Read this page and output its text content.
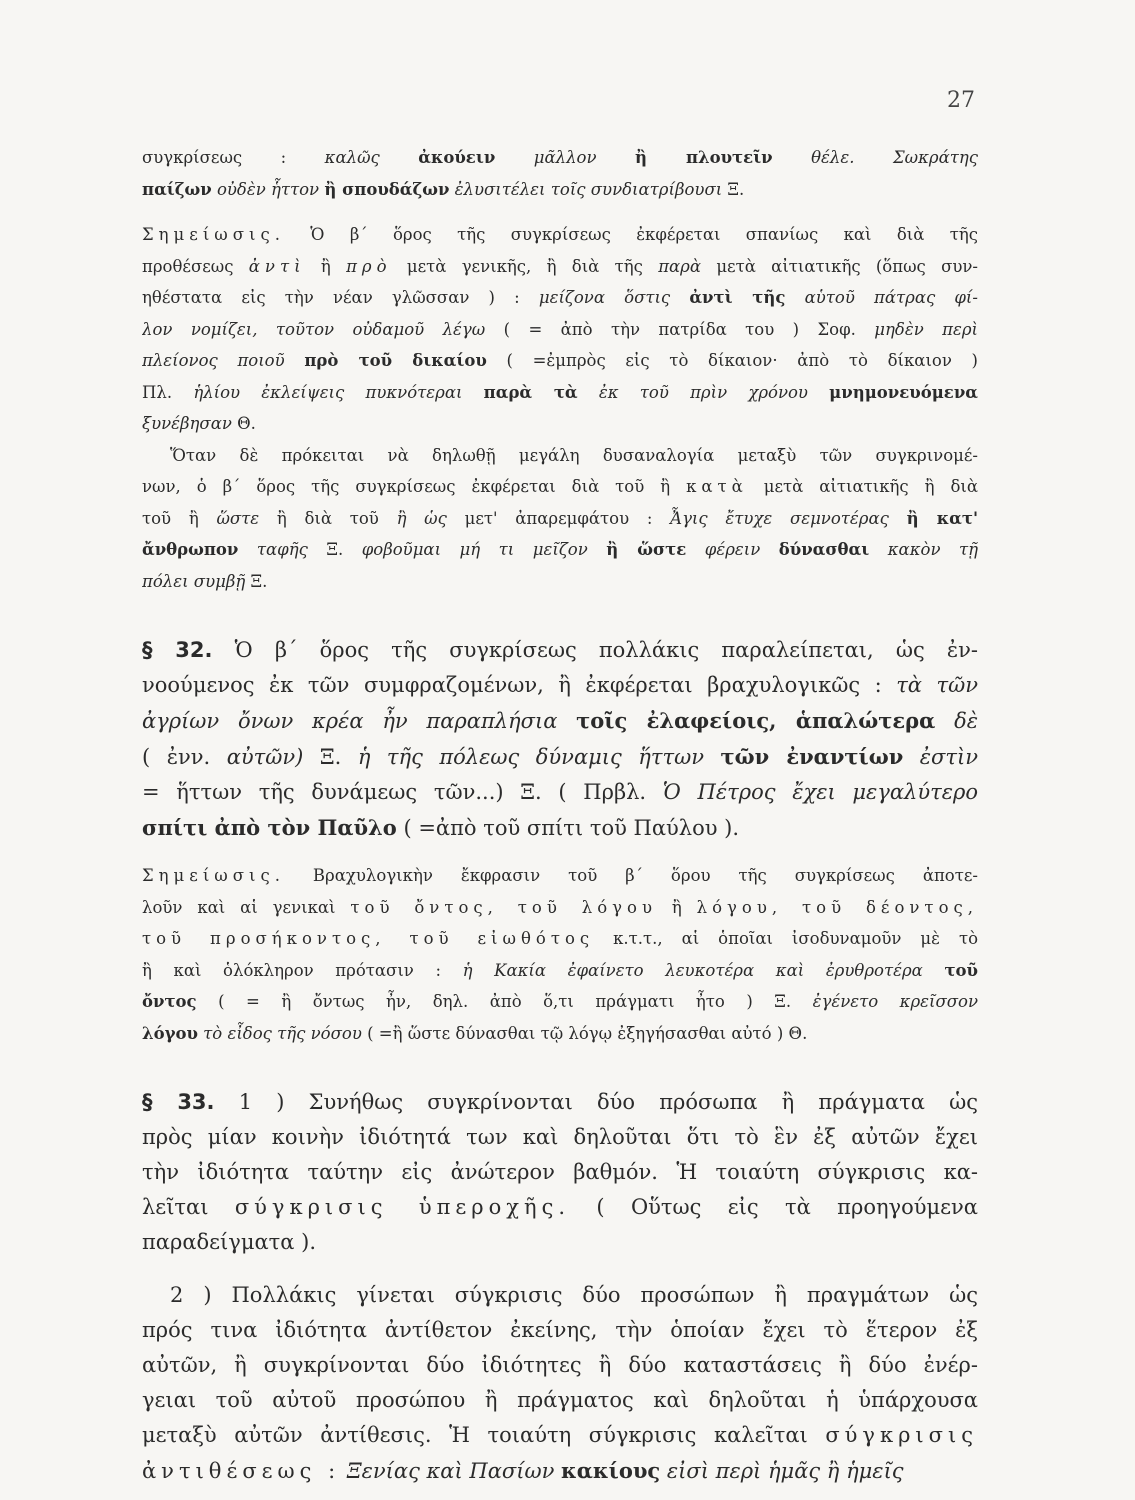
27
συγκρίσεως : καλῶς ἀκούειν μᾶλλον ἢ πλουτεῖν θέλε. Σωκράτης
παίζων οὐδὲν ἧττον ἢ σπουδάζων ἐλυσιτέλει τοῖς συνδιατρίβουσι Ξ.
Σημείωσις. Ὁ β΄ ὅρος τῆς συγκρίσεως ἐκφέρεται σπανίως καὶ διὰ τῆς
προθέσεως ἀντὶ ἢ πρὸ μετὰ γενικῆς, ἢ διὰ τῆς παρὰ μετὰ αἰτιατικῆς (ὅπως συν-
ηθέστατα εἰς τὴν νέαν γλῶσσαν ) : μείζονα ὅστις ἀντὶ τῆς αὑτοῦ πάτρας φί-
λον νομίζει, τοῦτον οὐδαμοῦ λέγω ( = ἀπὸ τὴν πατρίδα του ) Σοφ. μηδὲν περὶ
πλείονος ποιοῦ πρὸ τοῦ δικαίου ( =ἐμπρὸς εἰς τὸ δίκαιον· ἀπὸ τὸ δίκαιον )
Πλ. ἡλίου ἐκλείψεις πυκνότεραι παρὰ τὰ ἐκ τοῦ πρὶν χρόνου μνημονευόμενα
ξυνέβησαν Θ.
Ὅταν δὲ πρόκειται νὰ δηλωθῇ μεγάλη δυσαναλογία μεταξὺ τῶν συγκρινομέ-
νων, ὁ β΄ ὅρος τῆς συγκρίσεως ἐκφέρεται διὰ τοῦ ἢ κατὰ μετὰ αἰτιατικῆς ἢ διὰ
τοῦ ἢ ὥστε ἢ διὰ τοῦ ἢ ὡς μετ' ἀπαρεμφάτου : Ἆγις ἔτυχε σεμνοτέρας ἢ κατ'
ἄνθρωπον ταφῆς Ξ. φοβοῦμαι μή τι μεῖζον ἢ ὥστε φέρειν δύνασθαι κακὸν τῇ
πόλει συμβῇ Ξ.
§ 32. Ὁ β΄ ὅρος τῆς συγκρίσεως πολλάκις παραλείπεται, ὡς ἐν-
νοούμενος ἐκ τῶν συμφραζομένων, ἢ ἐκφέρεται βραχυλογικῶς : τὰ τῶν
ἀγρίων ὄνων κρέα ἦν παραπλήσια τοῖς ἐλαφείοις, ἁπαλώτερα δὲ
( ἐνν. αὐτῶν) Ξ. ἡ τῆς πόλεως δύναμις ἥττων τῶν ἐναντίων ἐστὶν
= ἥττων τῆς δυνάμεως τῶν...) Ξ. ( Πρβλ. Ὁ Πέτρος ἔχει μεγαλύτερο
σπίτι ἀπὸ τὸν Παῦλο ( =ἀπὸ τοῦ σπίτι τοῦ Παύλου ).
Σημείωσις. Βραχυλογικὴν ἔκφρασιν τοῦ β΄ ὅρου τῆς συγκρίσεως ἀποτε-
λοῦν καὶ αἱ γενικαὶ τοῦ ὄντος, τοῦ λόγου ἢ λόγου, τοῦ δέοντος,
τοῦ προσήκοντος, τοῦ εἰωθότος κ.τ.τ., αἱ ὁποῖαι ἰσοδυναμοῦν μὲ τὸ
ἢ καὶ ὁλόκληρον πρότασιν : ἡ Κακία ἐφαίνετο λευκοτέρα καὶ ἐρυθροτέρα τοῦ
ὄντος ( = ἢ ὄντως ἦν, δηλ. ἀπὸ ὅ,τι πράγματι ἦτο ) Ξ. ἐγένετο κρεῖσσον
λόγου τὸ εἶδος τῆς νόσου ( =ἢ ὥστε δύνασθαι τῷ λόγῳ ἐξηγήσασθαι αὐτό ) Θ.
§ 33. 1 ) Συνήθως συγκρίνονται δύο πρόσωπα ἢ πράγματα ὡς
πρὸς μίαν κοινὴν ἰδιότητά των καὶ δηλοῦται ὅτι τὸ ἓν ἐξ αὐτῶν ἔχει
τὴν ἰδιότητα ταύτην εἰς ἀνώτερον βαθμόν. Ἡ τοιαύτη σύγκρισις κα-
λεῖται σύγκρισις ὑπεροχῆς. ( Οὕτως εἰς τὰ προηγούμενα
παραδείγματα ).
2 ) Πολλάκις γίνεται σύγκρισις δύο προσώπων ἢ πραγμάτων ὡς
πρός τινα ἰδιότητα ἀντίθετον ἐκείνης, τὴν ὁποίαν ἔχει τὸ ἕτερον ἐξ
αὐτῶν, ἢ συγκρίνονται δύο ἰδιότητες ἢ δύο καταστάσεις ἢ δύο ἐνέρ-
γειαι τοῦ αὐτοῦ προσώπου ἢ πράγματος καὶ δηλοῦται ἡ ὑπάρχουσα
μεταξὺ αὐτῶν ἀντίθεσις. Ἡ τοιαύτη σύγκρισις καλεῖται σύγκρισις
ἀντιθέσεως : Ξενίας καὶ Πασίων κακίους εἰσὶ περὶ ἡμᾶς ἢ ἡμεῖς
